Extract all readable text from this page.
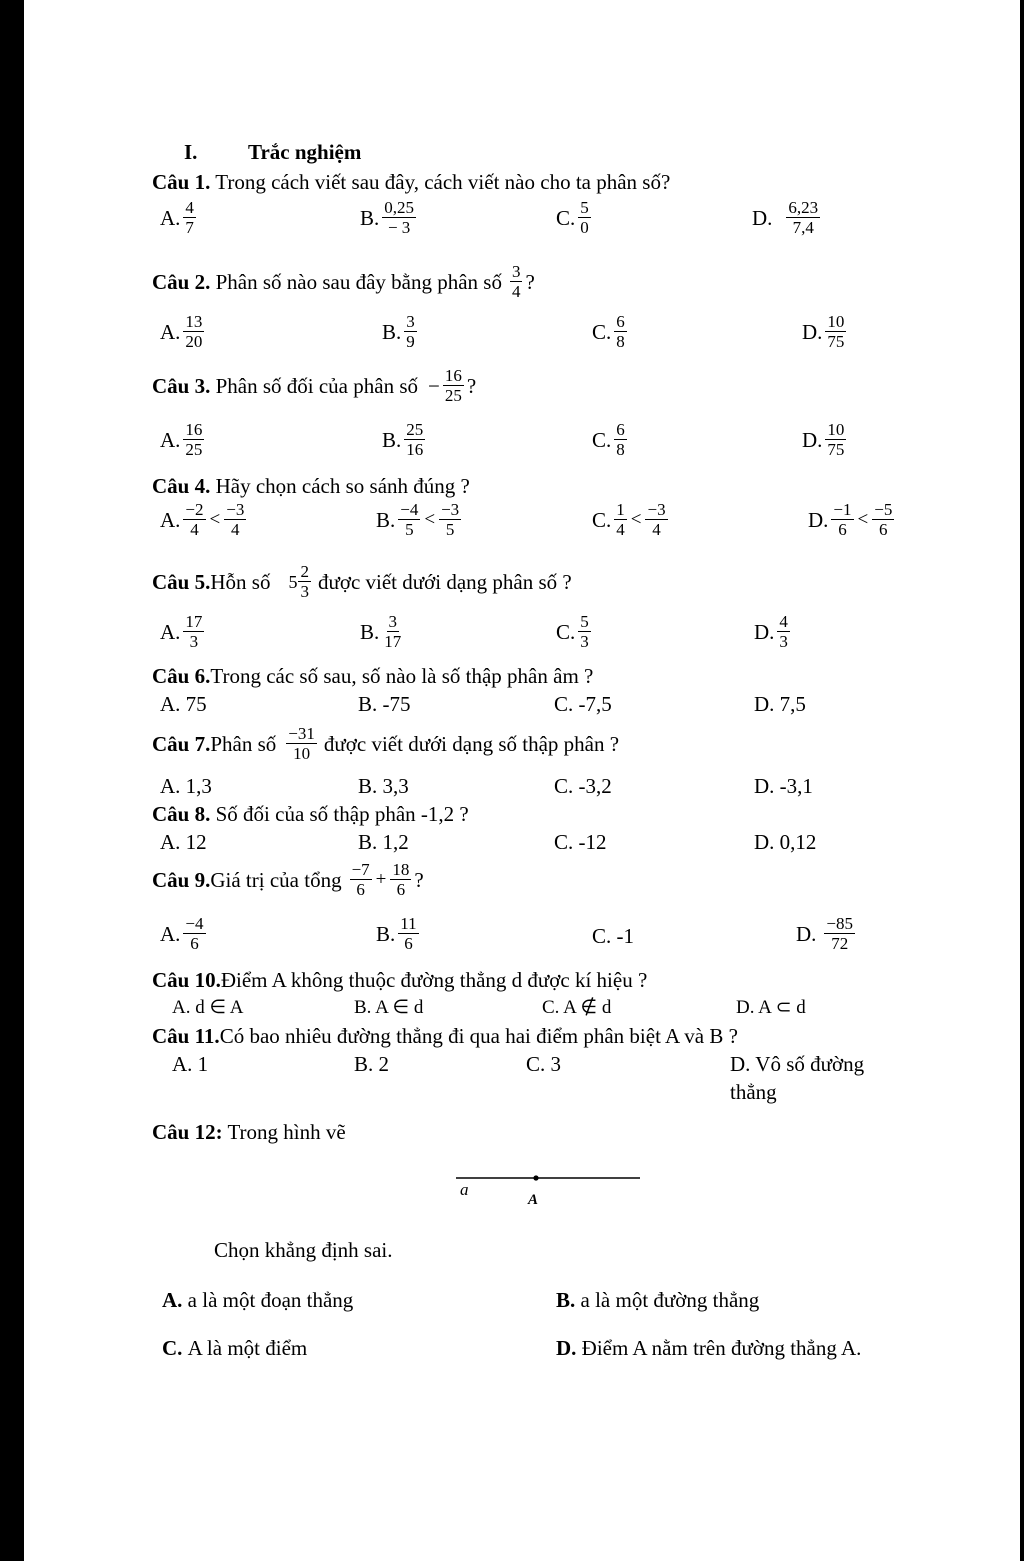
I. Trắc nghiệm
Câu 1. Trong cách viết sau đây, cách viết nào cho ta phân số?
A. $\frac{4}{7}$	B. $\frac{0,25}{- 3}$	C. $\frac{5}{0}$	D. $\frac{6,23}{7,4}$
Câu 2.
Phân số nào sau đây bằng phân số $\frac{3}{4}$ ?
A. $\frac{13}{20}$	B. $\frac{3}{9}$	C. $\frac{6}{8}$	D. $\frac{10}{75}$
Câu 3.
Phân số đối của phân số − $\frac{16}{25}$ ?
A. $\frac{16}{25}$	B. $\frac{25}{16}$	C. $\frac{6}{8}$	D. $\frac{10}{75}$
Câu 4. Hãy chọn cách so sánh đúng ?
A. $\frac{-2}{4} < \frac{-3}{4}$	B. $\frac{-4}{5} < \frac{-3}{5}$	C. $\frac{1}{4} < \frac{-3}{4}$	D. $\frac{-1}{6} < \frac{-5}{6}$
Câu 5. Hỗn số $5 \frac{2}{3}$ được viết dưới dạng phân số ?
A. $\frac{17}{3}$	B. $\frac{3}{17}$	C. $\frac{5}{3}$	D. $\frac{4}{3}$
Câu 6.Trong các số sau, số nào là số thập phân âm ?
A. 75	B. -75	C. -7,5	D. 7,5
Câu 7. Phân số $\frac{-31}{10}$ được viết dưới dạng số thập phân ?
A. 1,3	B. 3,3	C. -3,2	D. -3,1
Câu 8. Số đối của số thập phân -1,2 ?
A. 12	B. 1,2	C. -12	D. 0,12
Câu 9. Giá trị của tổng $\frac{-7}{6} + \frac{18}{6}$ ?
A. $\frac{-4}{6}$	B. $\frac{11}{6}$	C. -1	D. $\frac{-85}{72}$
Câu 10.Điểm A không thuộc đường thẳng d được kí hiệu ?
A. d ∈ A	B. A ∈ d	C. A ∉ d	D. A ⊂ d
Câu 11.Có bao nhiêu đường thẳng đi qua hai điểm phân biệt A và B ?
A. 1	B. 2	C. 3	D. Vô số đường
thẳng
Câu 12: Trong hình vẽ
a
A
Chọn khẳng định sai.
A.
a là một đoạn thẳng	B.
a là một đường thẳng
C.
A là một điểm	D.
Điểm A nằm trên đường thẳng A.
